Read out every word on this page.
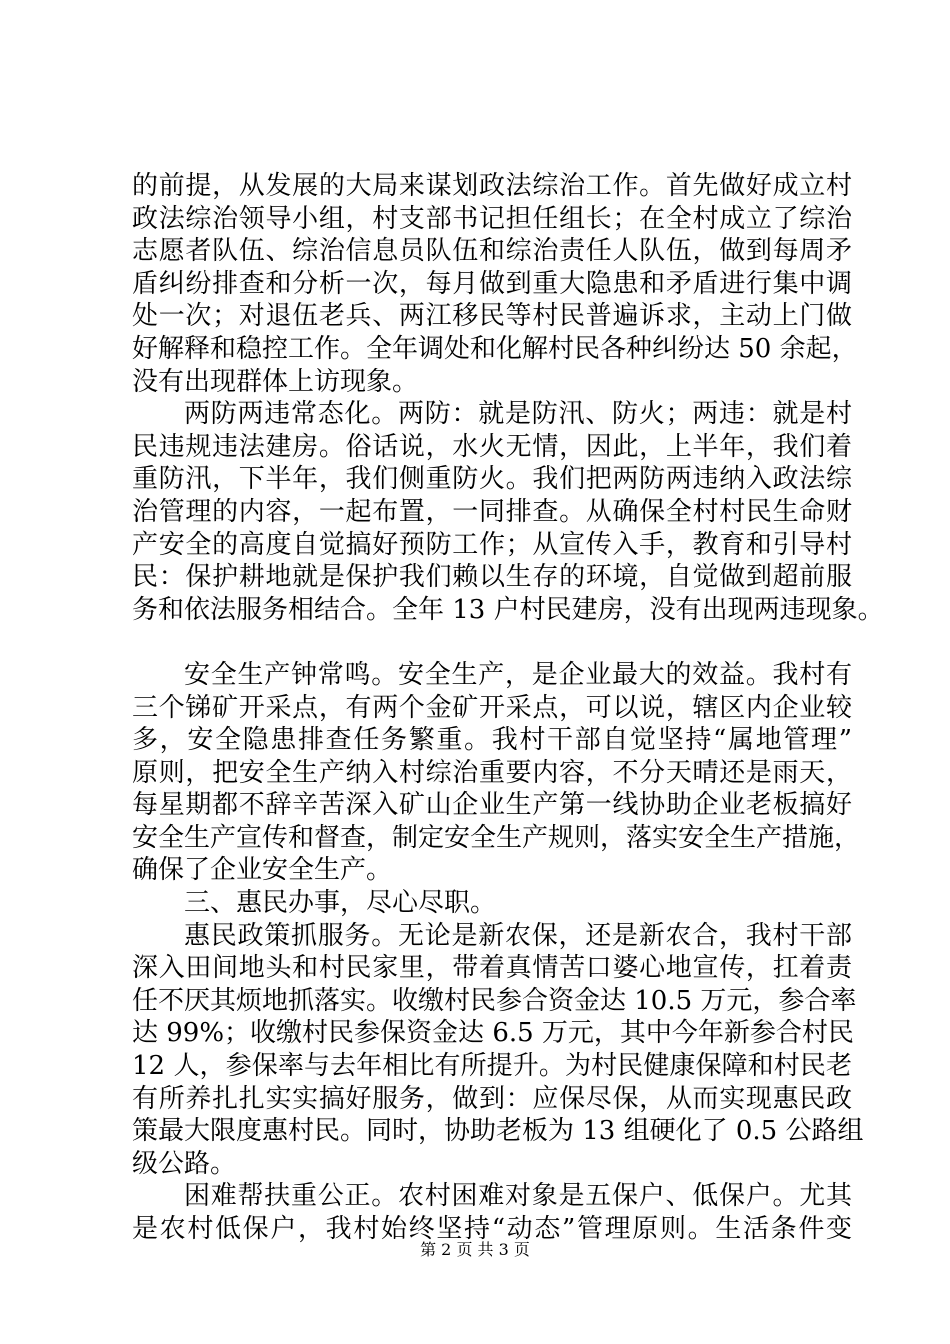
的前提，从发展的大局来谋划政法综治工作。首先做好成立村
政法综治领导小组，村支部书记担任组长；在全村成立了综治
志愿者队伍、综治信息员队伍和综治责任人队伍，做到每周矛
盾纠纷排查和分析一次，每月做到重大隐患和矛盾进行集中调
处一次；对退伍老兵、两江移民等村民普遍诉求，主动上门做
好解释和稳控工作。全年调处和化解村民各种纠纷达 50 余起，
没有出现群体上访现象。
两防两违常态化。两防：就是防汛、防火；两违：就是村
民违规违法建房。俗话说，水火无情，因此，上半年，我们着
重防汛，下半年，我们侧重防火。我们把两防两违纳入政法综
治管理的内容，一起布置，一同排查。从确保全村村民生命财
产安全的高度自觉搞好预防工作；从宣传入手，教育和引导村
民：保护耕地就是保护我们赖以生存的环境，自觉做到超前服
务和依法服务相结合。全年 13 户村民建房，没有出现两违现象。
安全生产钟常鸣。安全生产，是企业最大的效益。我村有
三个锑矿开采点，有两个金矿开采点，可以说，辖区内企业较
多，安全隐患排查任务繁重。我村干部自觉坚持“属地管理”
原则，把安全生产纳入村综治重要内容，不分天晴还是雨天，
每星期都不辞辛苦深入矿山企业生产第一线协助企业老板搞好
安全生产宣传和督查，制定安全生产规则，落实安全生产措施，
确保了企业安全生产。
三、惠民办事，尽心尽职。
惠民政策抓服务。无论是新农保，还是新农合，我村干部
深入田间地头和村民家里，带着真情苦口婆心地宣传，扛着责
任不厌其烦地抓落实。收缴村民参合资金达 10.5 万元，参合率
达 99%；收缴村民参保资金达 6.5 万元，其中今年新参合村民
12 人，参保率与去年相比有所提升。为村民健康保障和村民老
有所养扎扎实实搞好服务，做到：应保尽保，从而实现惠民政
策最大限度惠村民。同时，协助老板为 13 组硬化了 0.5 公路组
级公路。
困难帮扶重公正。农村困难对象是五保户、低保户。尤其
是农村低保户，我村始终坚持“动态”管理原则。生活条件变
第 2 页 共 3 页
